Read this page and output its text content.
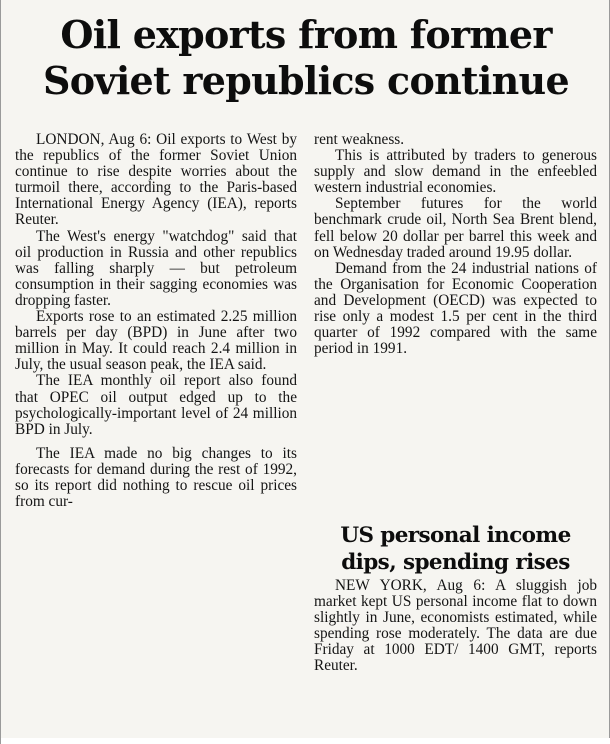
Oil exports from former Soviet republics continue

LONDON, Aug 6: Oil exports to West by the republics of the former Soviet Union continue to rise despite worries about the turmoil there, according to the Paris-based International Energy Agency (IEA), reports Reuter.

The West's energy "watchdog" said that oil production in Russia and other republics was falling sharply — but petroleum consumption in their sagging economies was dropping faster.

Exports rose to an estimated 2.25 million barrels per day (BPD) in June after two million in May. It could reach 2.4 million in July, the usual season peak, the IEA said.

The IEA monthly oil report also found that OPEC oil output edged up to the psychologically-important level of 24 million BPD in July.

The IEA made no big changes to its forecasts for demand during the rest of 1992, so its report did nothing to rescue oil prices from cur-

rent weakness.

This is attributed by traders to generous supply and slow demand in the enfeebled western industrial economies.

September futures for the world benchmark crude oil, North Sea Brent blend, fell below 20 dollar per barrel this week and on Wednesday traded around 19.95 dollar.

Demand from the 24 industrial nations of the Organisation for Economic Cooperation and Development (OECD) was expected to rise only a modest 1.5 per cent in the third quarter of 1992 compared with the same period in 1991.

US personal income dips, spending rises

NEW YORK, Aug 6: A sluggish job market kept US personal income flat to down slightly in June, economists estimated, while spending rose moderately. The data are due Friday at 1000 EDT/ 1400 GMT, reports Reuter.
